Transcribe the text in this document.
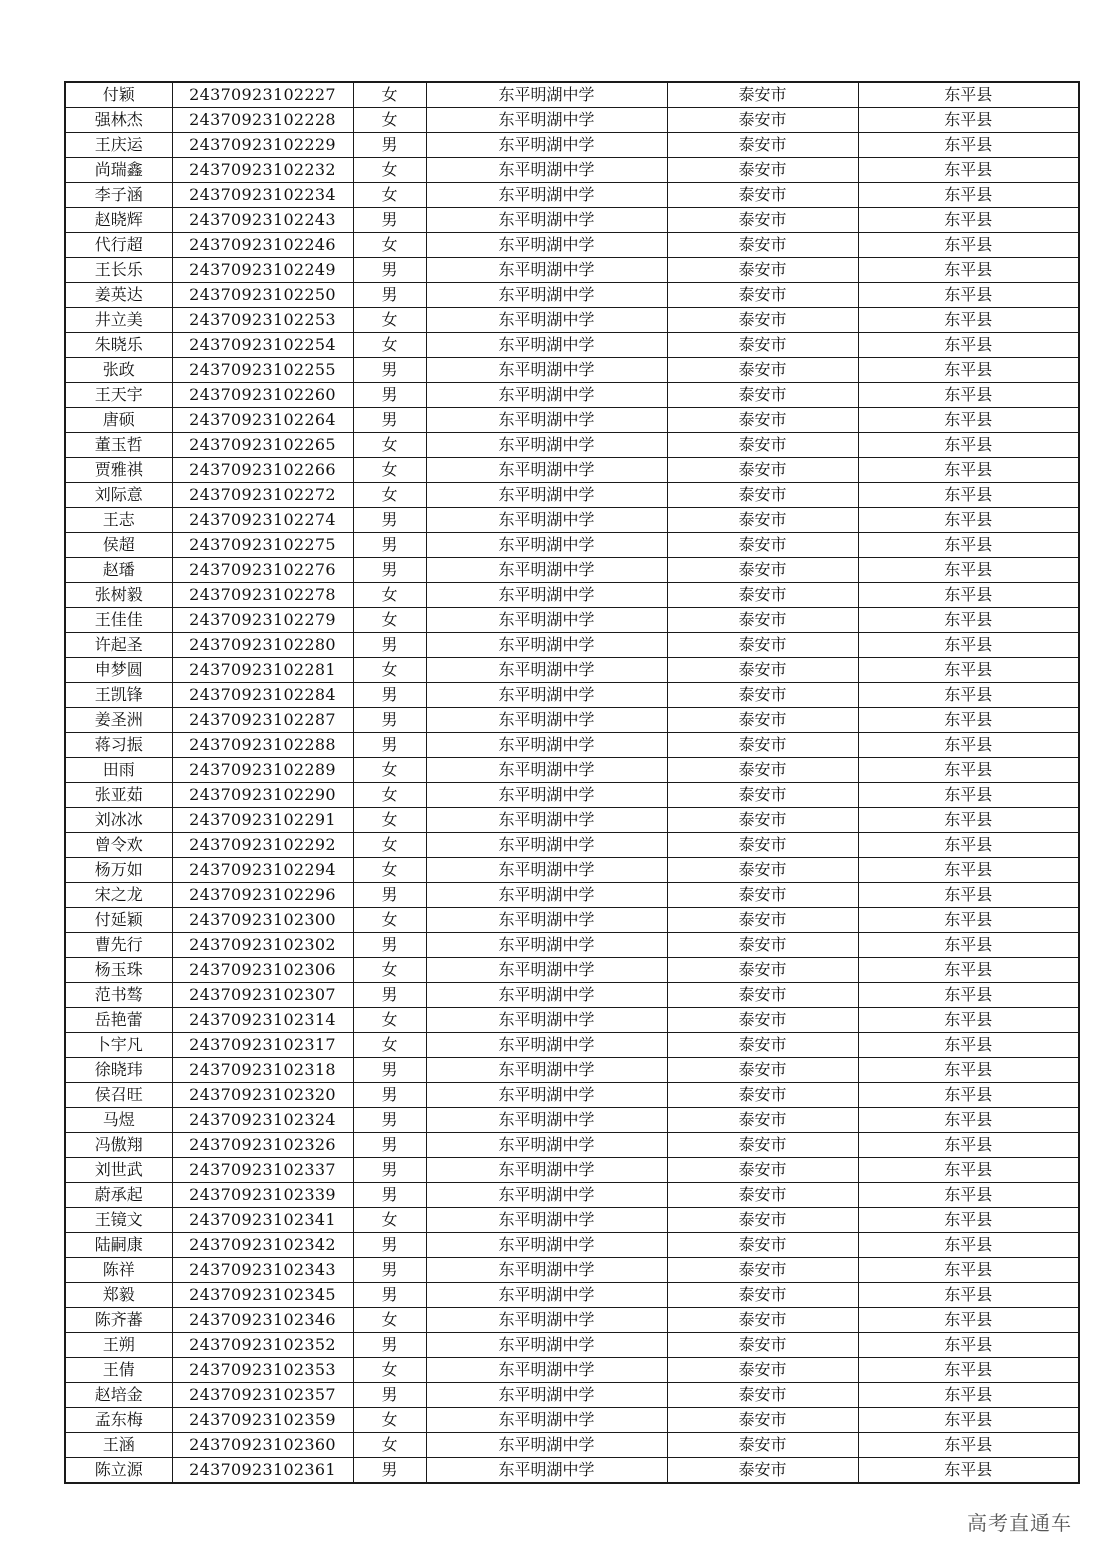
付颖	24370923102227	女	东平明湖中学	泰安市	东平县
强林杰	24370923102228	女	东平明湖中学	泰安市	东平县
王庆运	24370923102229	男	东平明湖中学	泰安市	东平县
尚瑞鑫	24370923102232	女	东平明湖中学	泰安市	东平县
李子涵	24370923102234	女	东平明湖中学	泰安市	东平县
赵晓辉	24370923102243	男	东平明湖中学	泰安市	东平县
代行超	24370923102246	女	东平明湖中学	泰安市	东平县
王长乐	24370923102249	男	东平明湖中学	泰安市	东平县
姜英达	24370923102250	男	东平明湖中学	泰安市	东平县
井立美	24370923102253	女	东平明湖中学	泰安市	东平县
朱晓乐	24370923102254	女	东平明湖中学	泰安市	东平县
张政	24370923102255	男	东平明湖中学	泰安市	东平县
王天宇	24370923102260	男	东平明湖中学	泰安市	东平县
唐硕	24370923102264	男	东平明湖中学	泰安市	东平县
董玉哲	24370923102265	女	东平明湖中学	泰安市	东平县
贾雅祺	24370923102266	女	东平明湖中学	泰安市	东平县
刘际意	24370923102272	女	东平明湖中学	泰安市	东平县
王志	24370923102274	男	东平明湖中学	泰安市	东平县
侯超	24370923102275	男	东平明湖中学	泰安市	东平县
赵璠	24370923102276	男	东平明湖中学	泰安市	东平县
张树毅	24370923102278	女	东平明湖中学	泰安市	东平县
王佳佳	24370923102279	女	东平明湖中学	泰安市	东平县
许起圣	24370923102280	男	东平明湖中学	泰安市	东平县
申梦圆	24370923102281	女	东平明湖中学	泰安市	东平县
王凯锋	24370923102284	男	东平明湖中学	泰安市	东平县
姜圣洲	24370923102287	男	东平明湖中学	泰安市	东平县
蒋习振	24370923102288	男	东平明湖中学	泰安市	东平县
田雨	24370923102289	女	东平明湖中学	泰安市	东平县
张亚茹	24370923102290	女	东平明湖中学	泰安市	东平县
刘冰冰	24370923102291	女	东平明湖中学	泰安市	东平县
曾令欢	24370923102292	女	东平明湖中学	泰安市	东平县
杨万如	24370923102294	女	东平明湖中学	泰安市	东平县
宋之龙	24370923102296	男	东平明湖中学	泰安市	东平县
付延颖	24370923102300	女	东平明湖中学	泰安市	东平县
曹先行	24370923102302	男	东平明湖中学	泰安市	东平县
杨玉珠	24370923102306	女	东平明湖中学	泰安市	东平县
范书骜	24370923102307	男	东平明湖中学	泰安市	东平县
岳艳蕾	24370923102314	女	东平明湖中学	泰安市	东平县
卜宇凡	24370923102317	女	东平明湖中学	泰安市	东平县
徐晓玮	24370923102318	男	东平明湖中学	泰安市	东平县
侯召旺	24370923102320	男	东平明湖中学	泰安市	东平县
马煜	24370923102324	男	东平明湖中学	泰安市	东平县
冯傲翔	24370923102326	男	东平明湖中学	泰安市	东平县
刘世武	24370923102337	男	东平明湖中学	泰安市	东平县
蔚承起	24370923102339	男	东平明湖中学	泰安市	东平县
王镜文	24370923102341	女	东平明湖中学	泰安市	东平县
陆嗣康	24370923102342	男	东平明湖中学	泰安市	东平县
陈祥	24370923102343	男	东平明湖中学	泰安市	东平县
郑毅	24370923102345	男	东平明湖中学	泰安市	东平县
陈齐蕃	24370923102346	女	东平明湖中学	泰安市	东平县
王朔	24370923102352	男	东平明湖中学	泰安市	东平县
王倩	24370923102353	女	东平明湖中学	泰安市	东平县
赵培金	24370923102357	男	东平明湖中学	泰安市	东平县
孟东梅	24370923102359	女	东平明湖中学	泰安市	东平县
王涵	24370923102360	女	东平明湖中学	泰安市	东平县
陈立源	24370923102361	男	东平明湖中学	泰安市	东平县
高考直通车
